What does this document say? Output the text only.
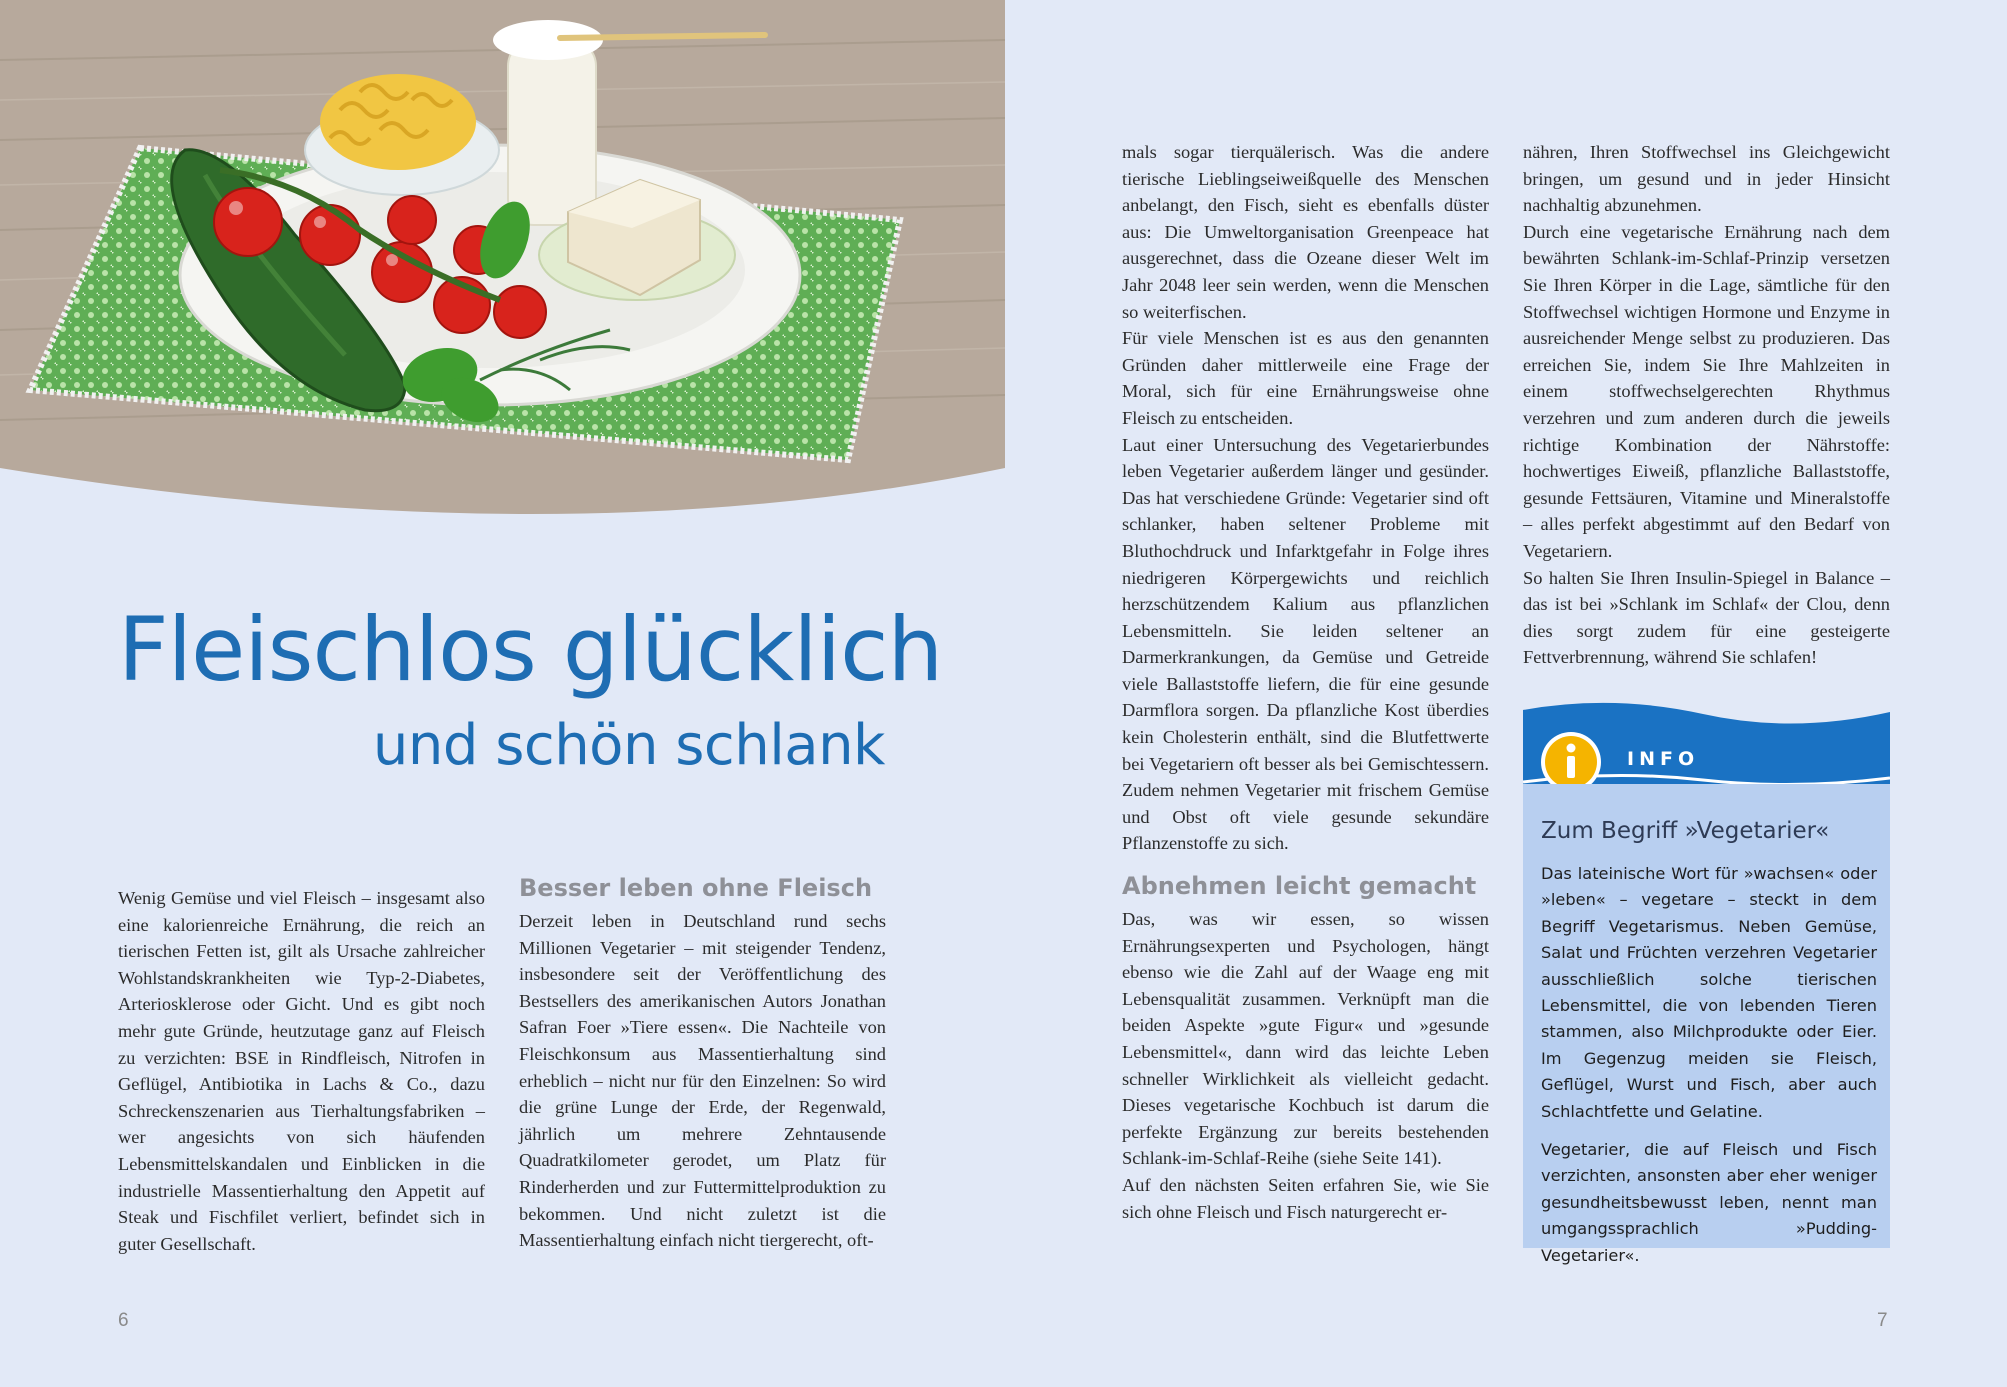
Fleischlos glücklich
und schön schlank

Wenig Gemüse und viel Fleisch – insgesamt also eine kalorienreiche Ernährung, die reich an tierischen Fetten ist, gilt als Ursache zahlreicher Wohlstandskrankheiten wie Typ-2-Diabetes, Arteriosklerose oder Gicht. Und es gibt noch mehr gute Gründe, heutzutage ganz auf Fleisch zu verzichten: BSE in Rindfleisch, Nitrofen in Geflügel, Antibiotika in Lachs & Co., dazu Schreckenszenarien aus Tierhaltungsfabriken – wer angesichts von sich häufenden Lebensmittelskandalen und Einblicken in die industrielle Massentierhaltung den Appetit auf Steak und Fischfilet verliert, befindet sich in guter Gesellschaft.

Besser leben ohne Fleisch

Derzeit leben in Deutschland rund sechs Millionen Vegetarier – mit steigender Tendenz, insbesondere seit der Veröffentlichung des Bestsellers des amerikanischen Autors Jonathan Safran Foer »Tiere essen«. Die Nachteile von Fleischkonsum aus Massentierhaltung sind erheblich – nicht nur für den Einzelnen: So wird die grüne Lunge der Erde, der Regenwald, jährlich um mehrere Zehntausende Quadratkilometer gerodet, um Platz für Rinderherden und zur Futtermittelproduktion zu bekommen. Und nicht zuletzt ist die Massentierhaltung einfach nicht tiergerecht, oft-

mals sogar tierquälerisch. Was die andere tierische Lieblingseiweißquelle des Menschen anbelangt, den Fisch, sieht es ebenfalls düster aus: Die Umweltorganisation Greenpeace hat ausgerechnet, dass die Ozeane dieser Welt im Jahr 2048 leer sein werden, wenn die Menschen so weiterfischen.

Für viele Menschen ist es aus den genannten Gründen daher mittlerweile eine Frage der Moral, sich für eine Ernährungsweise ohne Fleisch zu entscheiden.

Laut einer Untersuchung des Vegetarierbundes leben Vegetarier außerdem länger und gesünder. Das hat verschiedene Gründe: Vegetarier sind oft schlanker, haben seltener Probleme mit Bluthochdruck und Infarktgefahr in Folge ihres niedrigeren Körpergewichts und reichlich herzschützendem Kalium aus pflanzlichen Lebensmitteln. Sie leiden seltener an Darmerkrankungen, da Gemüse und Getreide viele Ballaststoffe liefern, die für eine gesunde Darmflora sorgen. Da pflanzliche Kost überdies kein Cholesterin enthält, sind die Blutfettwerte bei Vegetariern oft besser als bei Gemischtessern. Zudem nehmen Vegetarier mit frischem Gemüse und Obst oft viele gesunde sekundäre Pflanzenstoffe zu sich.

Abnehmen leicht gemacht

Das, was wir essen, so wissen Ernährungsexperten und Psychologen, hängt ebenso wie die Zahl auf der Waage eng mit Lebensqualität zusammen. Verknüpft man die beiden Aspekte »gute Figur« und »gesunde Lebensmittel«, dann wird das leichte Leben schneller Wirklichkeit als vielleicht gedacht. Dieses vegetarische Kochbuch ist darum die perfekte Ergänzung zur bereits bestehenden Schlank-im-Schlaf-Reihe (siehe Seite 141).

Auf den nächsten Seiten erfahren Sie, wie Sie sich ohne Fleisch und Fisch naturgerecht er-

nähren, Ihren Stoffwechsel ins Gleichgewicht bringen, um gesund und in jeder Hinsicht nachhaltig abzunehmen.

Durch eine vegetarische Ernährung nach dem bewährten Schlank-im-Schlaf-Prinzip versetzen Sie Ihren Körper in die Lage, sämtliche für den Stoffwechsel wichtigen Hormone und Enzyme in ausreichender Menge selbst zu produzieren. Das erreichen Sie, indem Sie Ihre Mahlzeiten in einem stoffwechselgerechten Rhythmus verzehren und zum anderen durch die jeweils richtige Kombination der Nährstoffe: hochwertiges Eiweiß, pflanzliche Ballaststoffe, gesunde Fettsäuren, Vitamine und Mineralstoffe – alles perfekt abgestimmt auf den Bedarf von Vegetariern.

So halten Sie Ihren Insulin-Spiegel in Balance – das ist bei »Schlank im Schlaf« der Clou, denn dies sorgt zudem für eine gesteigerte Fettverbrennung, während Sie schlafen!

INFO

Zum Begriff »Vegetarier«

Das lateinische Wort für »wachsen« oder »leben« – vegetare – steckt in dem Begriff Vegetarismus. Neben Gemüse, Salat und Früchten verzehren Vegetarier ausschließlich solche tierischen Lebensmittel, die von lebenden Tieren stammen, also Milchprodukte oder Eier. Im Gegenzug meiden sie Fleisch, Geflügel, Wurst und Fisch, aber auch Schlachtfette und Gelatine.

Vegetarier, die auf Fleisch und Fisch verzichten, ansonsten aber eher weniger gesundheitsbewusst leben, nennt man umgangssprachlich »Pudding-Vegetarier«.

6	7
